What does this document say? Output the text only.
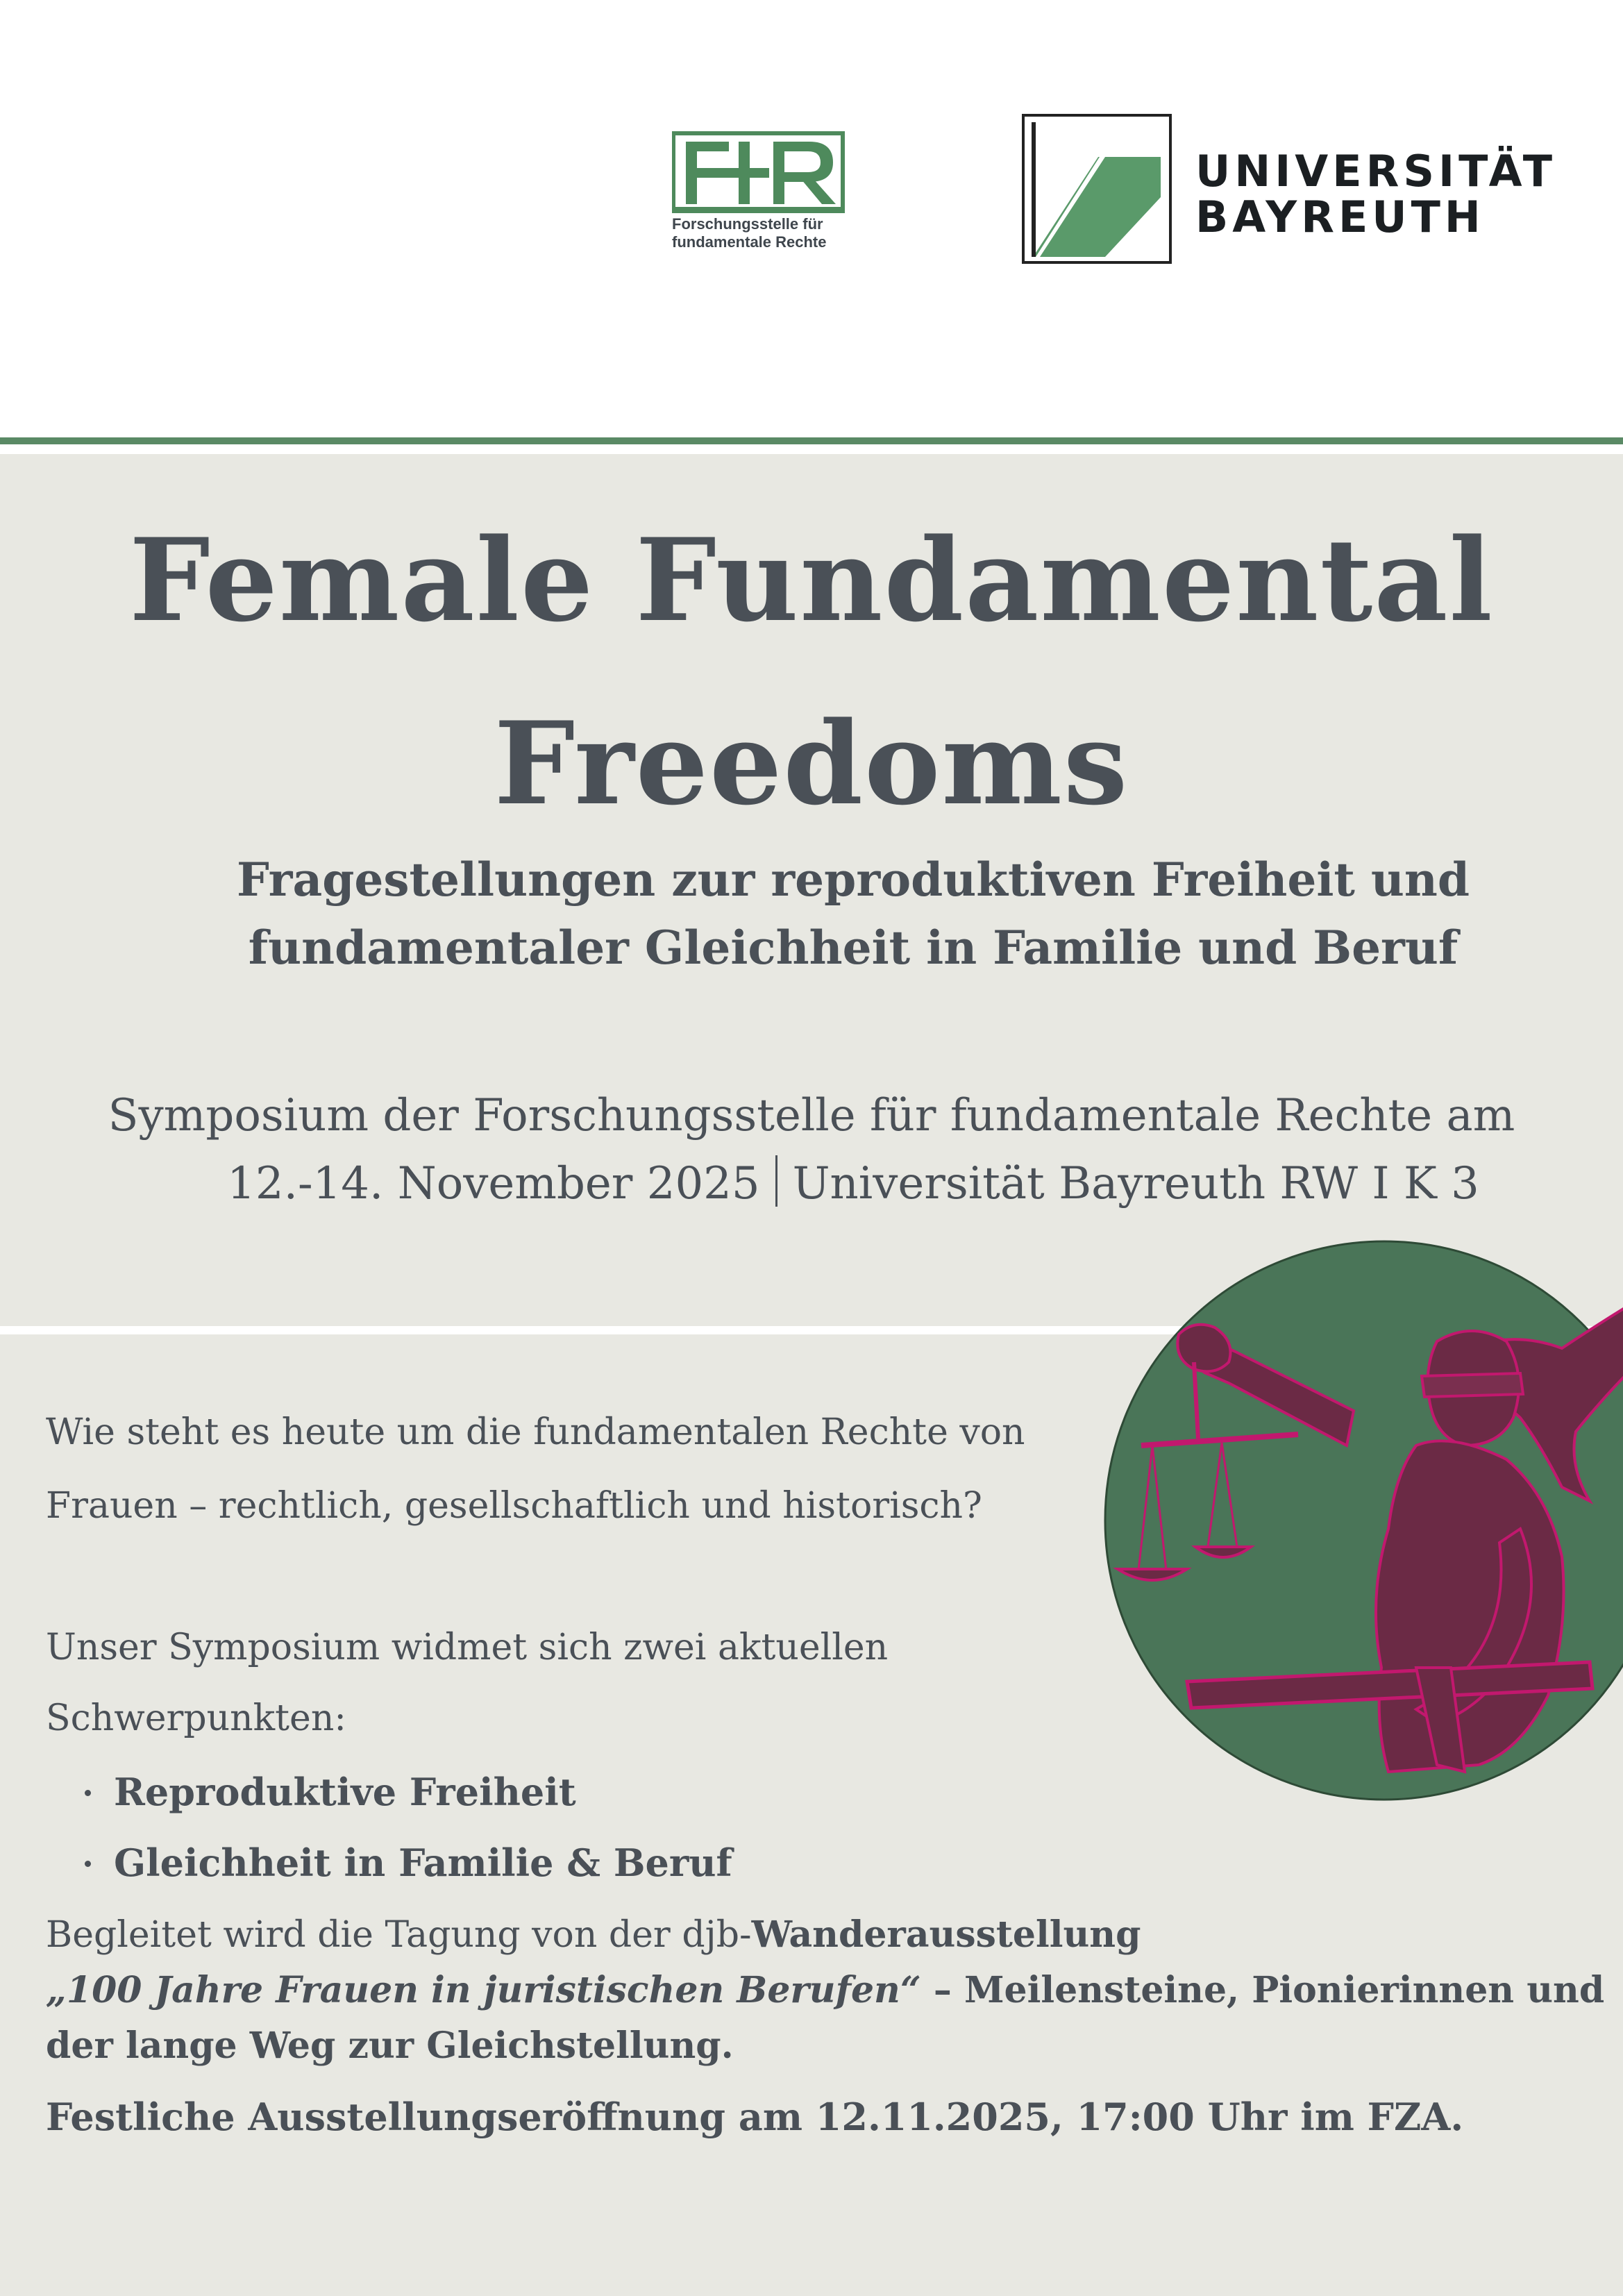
Forschungsstelle für
fundamentale Rechte
UNIVERSITÄT
BAYREUTH
Female Fundamental
Freedoms
Fragestellungen zur reproduktiven Freiheit und
fundamentaler Gleichheit in Familie und Beruf
Symposium der Forschungsstelle für fundamentale Rechte am
12.-14. November 2025 Universität Bayreuth RW I K 3
Wie steht es heute um die fundamentalen Rechte von
Frauen – rechtlich, gesellschaftlich und historisch?
Unser Symposium widmet sich zwei aktuellen
Schwerpunkten:
Reproduktive Freiheit
Gleichheit in Familie & Beruf
Begleitet wird die Tagung von der djb-Wanderausstellung
„100 Jahre Frauen in juristischen Berufen“ – Meilensteine, Pionierinnen und
der lange Weg zur Gleichstellung.
Festliche Ausstellungseröffnung am 12.11.2025, 17:00 Uhr im FZA.
